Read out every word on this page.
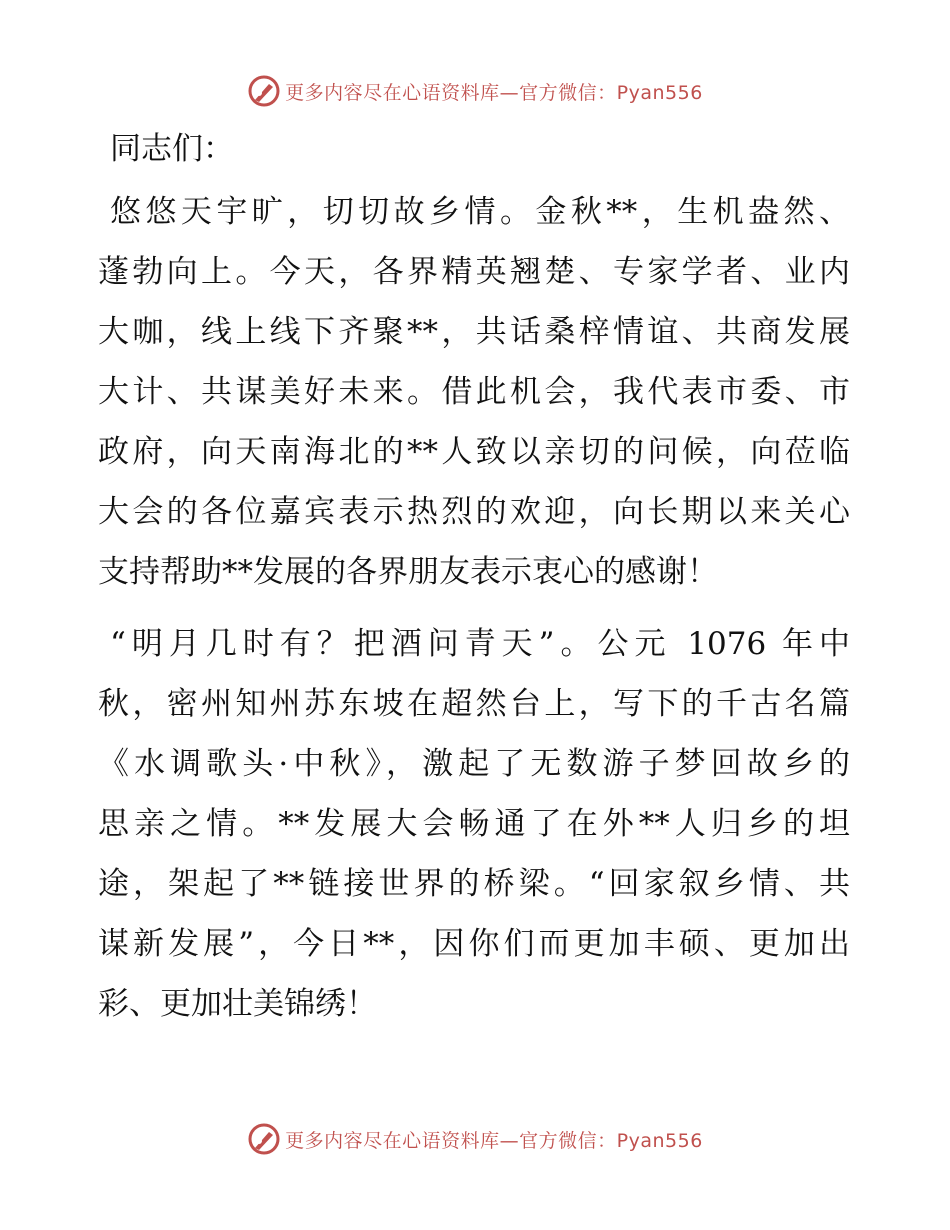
更多内容尽在心语资料库—官方微信：Pyan556
同志们：
悠悠天宇旷，切切故乡情。金秋**，生机盎然、
蓬勃向上。今天，各界精英翘楚、专家学者、业内
大咖，线上线下齐聚**，共话桑梓情谊、共商发展
大计、共谋美好未来。借此机会，我代表市委、市
政府，向天南海北的**人致以亲切的问候，向莅临
大会的各位嘉宾表示热烈的欢迎，向长期以来关心
支持帮助**发展的各界朋友表示衷心的感谢！
“明月几时有？把酒问青天”。公元 1076 年中
秋，密州知州苏东坡在超然台上，写下的千古名篇
《水调歌头·中秋》，激起了无数游子梦回故乡的
思亲之情。**发展大会畅通了在外**人归乡的坦
途，架起了**链接世界的桥梁。“回家叙乡情、共
谋新发展”，今日**，因你们而更加丰硕、更加出
彩、更加壮美锦绣！
更多内容尽在心语资料库—官方微信：Pyan556
